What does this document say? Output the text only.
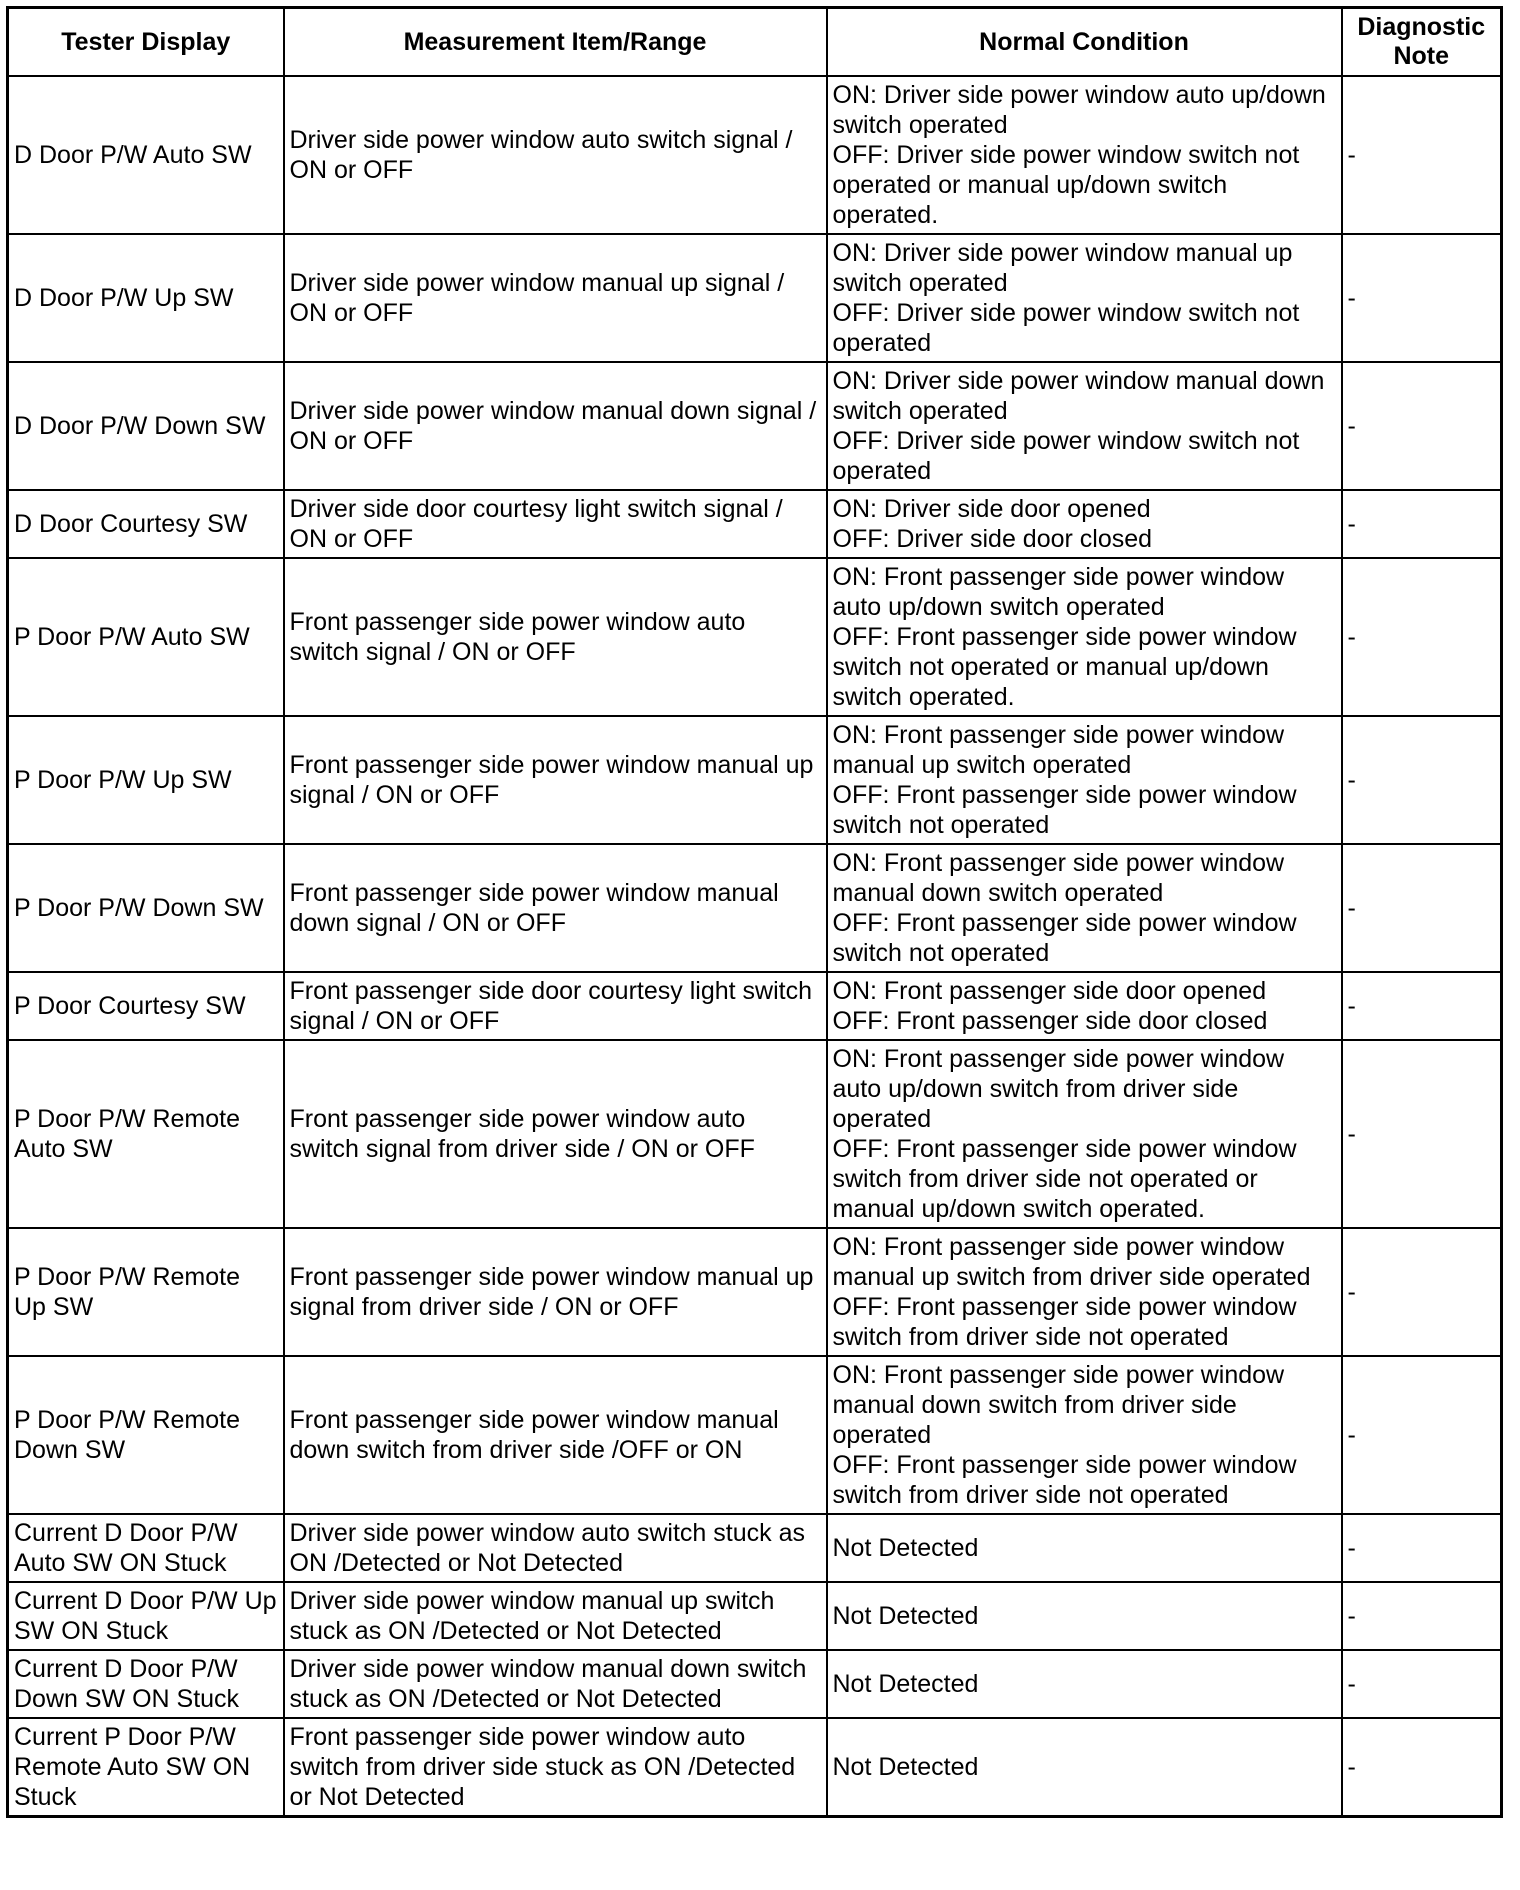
Tester Display	Measurement Item/Range	Normal Condition	Diagnostic Note
D Door P/W Auto SW	Driver side power window auto switch signal / ON or OFF	ON: Driver side power window auto up/down switch operated
OFF: Driver side power window switch not operated or manual up/down switch operated.	-
D Door P/W Up SW	Driver side power window manual up signal / ON or OFF	ON: Driver side power window manual up switch operated
OFF: Driver side power window switch not operated	-
D Door P/W Down SW	Driver side power window manual down signal / ON or OFF	ON: Driver side power window manual down switch operated
OFF: Driver side power window switch not operated	-
D Door Courtesy SW	Driver side door courtesy light switch signal / ON or OFF	ON: Driver side door opened
OFF: Driver side door closed	-
P Door P/W Auto SW	Front passenger side power window auto switch signal / ON or OFF	ON: Front passenger side power window auto up/down switch operated
OFF: Front passenger side power window switch not operated or manual up/down switch operated.	-
P Door P/W Up SW	Front passenger side power window manual up signal / ON or OFF	ON: Front passenger side power window manual up switch operated
OFF: Front passenger side power window switch not operated	-
P Door P/W Down SW	Front passenger side power window manual down signal / ON or OFF	ON: Front passenger side power window manual down switch operated
OFF: Front passenger side power window switch not operated	-
P Door Courtesy SW	Front passenger side door courtesy light switch signal / ON or OFF	ON: Front passenger side door opened
OFF: Front passenger side door closed	-
P Door P/W Remote Auto SW	Front passenger side power window auto switch signal from driver side / ON or OFF	ON: Front passenger side power window auto up/down switch from driver side operated
OFF: Front passenger side power window switch from driver side not operated or manual up/down switch operated.	-
P Door P/W Remote Up SW	Front passenger side power window manual up signal from driver side / ON or OFF	ON: Front passenger side power window manual up switch from driver side operated
OFF: Front passenger side power window switch from driver side not operated	-
P Door P/W Remote Down SW	Front passenger side power window manual down switch from driver side /OFF or ON	ON: Front passenger side power window manual down switch from driver side operated
OFF: Front passenger side power window switch from driver side not operated	-
Current D Door P/W Auto SW ON Stuck	Driver side power window auto switch stuck as ON /Detected or Not Detected	Not Detected	-
Current D Door P/W Up SW ON Stuck	Driver side power window manual up switch stuck as ON /Detected or Not Detected	Not Detected	-
Current D Door P/W Down SW ON Stuck	Driver side power window manual down switch stuck as ON /Detected or Not Detected	Not Detected	-
Current P Door P/W Remote Auto SW ON Stuck	Front passenger side power window auto switch from driver side stuck as ON /Detected or Not Detected	Not Detected	-
